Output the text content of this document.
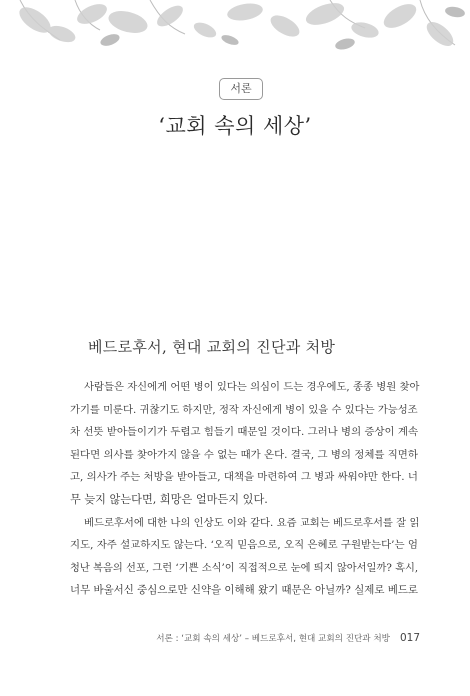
서론
‘교회 속의 세상’
베드로후서, 현대 교회의 진단과 처방

사람들은 자신에게 어떤 병이 있다는 의심이 드는 경우에도, 종종 병원 찾아
가기를 미룬다. 귀찮기도 하지만, 정작 자신에게 병이 있을 수 있다는 가능성조
차 선뜻 받아들이기가 두렵고 힘들기 때문일 것이다. 그러나 병의 증상이 계속
된다면 의사를 찾아가지 않을 수 없는 때가 온다. 결국, 그 병의 정체를 직면하
고, 의사가 주는 처방을 받아들고, 대책을 마련하여 그 병과 싸워야만 한다. 너
무 늦지 않는다면, 희망은 얼마든지 있다.

베드로후서에 대한 나의 인상도 이와 같다. 요즘 교회는 베드로후서를 잘 읽
지도, 자주 설교하지도 않는다. ‘오직 믿음으로, 오직 은혜로 구원받는다’는 엄
청난 복음의 선포, 그런 ‘기쁜 소식’이 직접적으로 눈에 띄지 않아서일까? 혹시,
너무 바울서신 중심으로만 신약을 이해해 왔기 때문은 아닐까? 실제로 베드로

서론 : ‘교회 속의 세상’ – 베드로후서, 현대 교회의 진단과 처방 017
